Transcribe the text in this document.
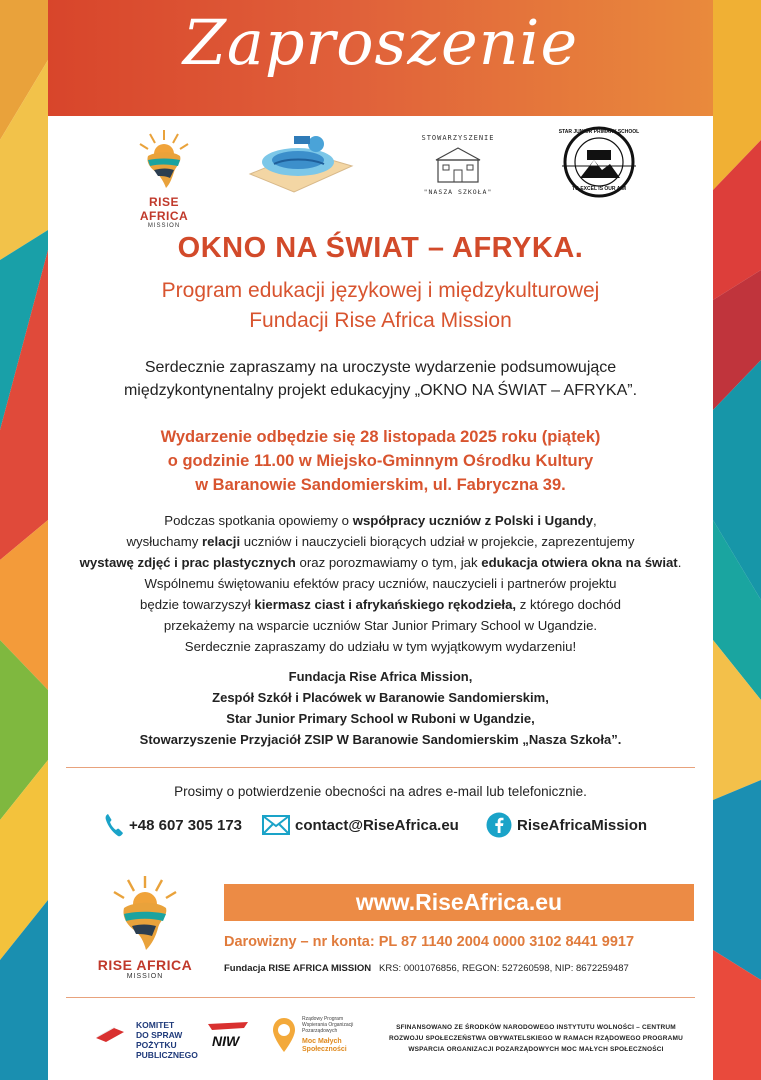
Zaproszenie
RISE AFRICA
MISSION
STOWARZYSZENIE
"NASZA SZKOŁA"
STAR JUNIOR PRIMARY SCHOOL
TO EXCEL IS OUR AIM
OKNO NA ŚWIAT – AFRYKA.
Program edukacji językowej i międzykulturowej
Fundacji Rise Africa Mission
Serdecznie zapraszamy na uroczyste wydarzenie podsumowujące
międzykontynentalny projekt edukacyjny „OKNO NA ŚWIAT – AFRYKA”.
Wydarzenie odbędzie się 28 listopada 2025 roku (piątek)
o godzinie 11.00 w Miejsko-Gminnym Ośrodku Kultury
w Baranowie Sandomierskim, ul. Fabryczna 39.
Podczas spotkania opowiemy o współpracy uczniów z Polski i Ugandy,
wysłuchamy relacji uczniów i nauczycieli biorących udział w projekcie, zaprezentujemy
wystawę zdjęć i prac plastycznych oraz porozmawiamy o tym, jak edukacja otwiera okna na świat.
Wspólnemu świętowaniu efektów pracy uczniów, nauczycieli i partnerów projektu
będzie towarzyszył kiermasz ciast i afrykańskiego rękodzieła, z którego dochód
przekażemy na wsparcie uczniów Star Junior Primary School w Ugandzie.
Serdecznie zapraszamy do udziału w tym wyjątkowym wydarzeniu!
Fundacja Rise Africa Mission,
Zespół Szkół i Placówek w Baranowie Sandomierskim,
Star Junior Primary School w Ruboni w Ugandzie,
Stowarzyszenie Przyjaciół ZSIP W Baranowie Sandomierskim „Nasza Szkoła”.
Prosimy o potwierdzenie obecności na adres e-mail lub telefonicznie.
+48 607 305 173	contact@RiseAfrica.eu	RiseAfricaMission
RISE AFRICA
MISSION
www.RiseAfrica.eu
Darowizny – nr konta: PL 87 1140 2004 0000 3102 8441 9917
Fundacja RISE AFRICA MISSION KRS: 0001076856, REGON: 527260598, NIP: 8672259487
KOMITET
DO SPRAW
POŻYTKU
PUBLICZNEGO
NIW
Rządowy Program Wspierania Organizacji Pozarządowych
Moc Małych Społeczności
SFINANSOWANO ZE ŚRODKÓW NARODOWEGO INSTYTUTU WOLNOŚCI – CENTRUM
ROZWOJU SPOŁECZEŃSTWA OBYWATELSKIEGO W RAMACH RZĄDOWEGO PROGRAMU
WSPARCIA ORGANIZACJI POZARZĄDOWYCH MOC MAŁYCH SPOŁECZNOŚCI
